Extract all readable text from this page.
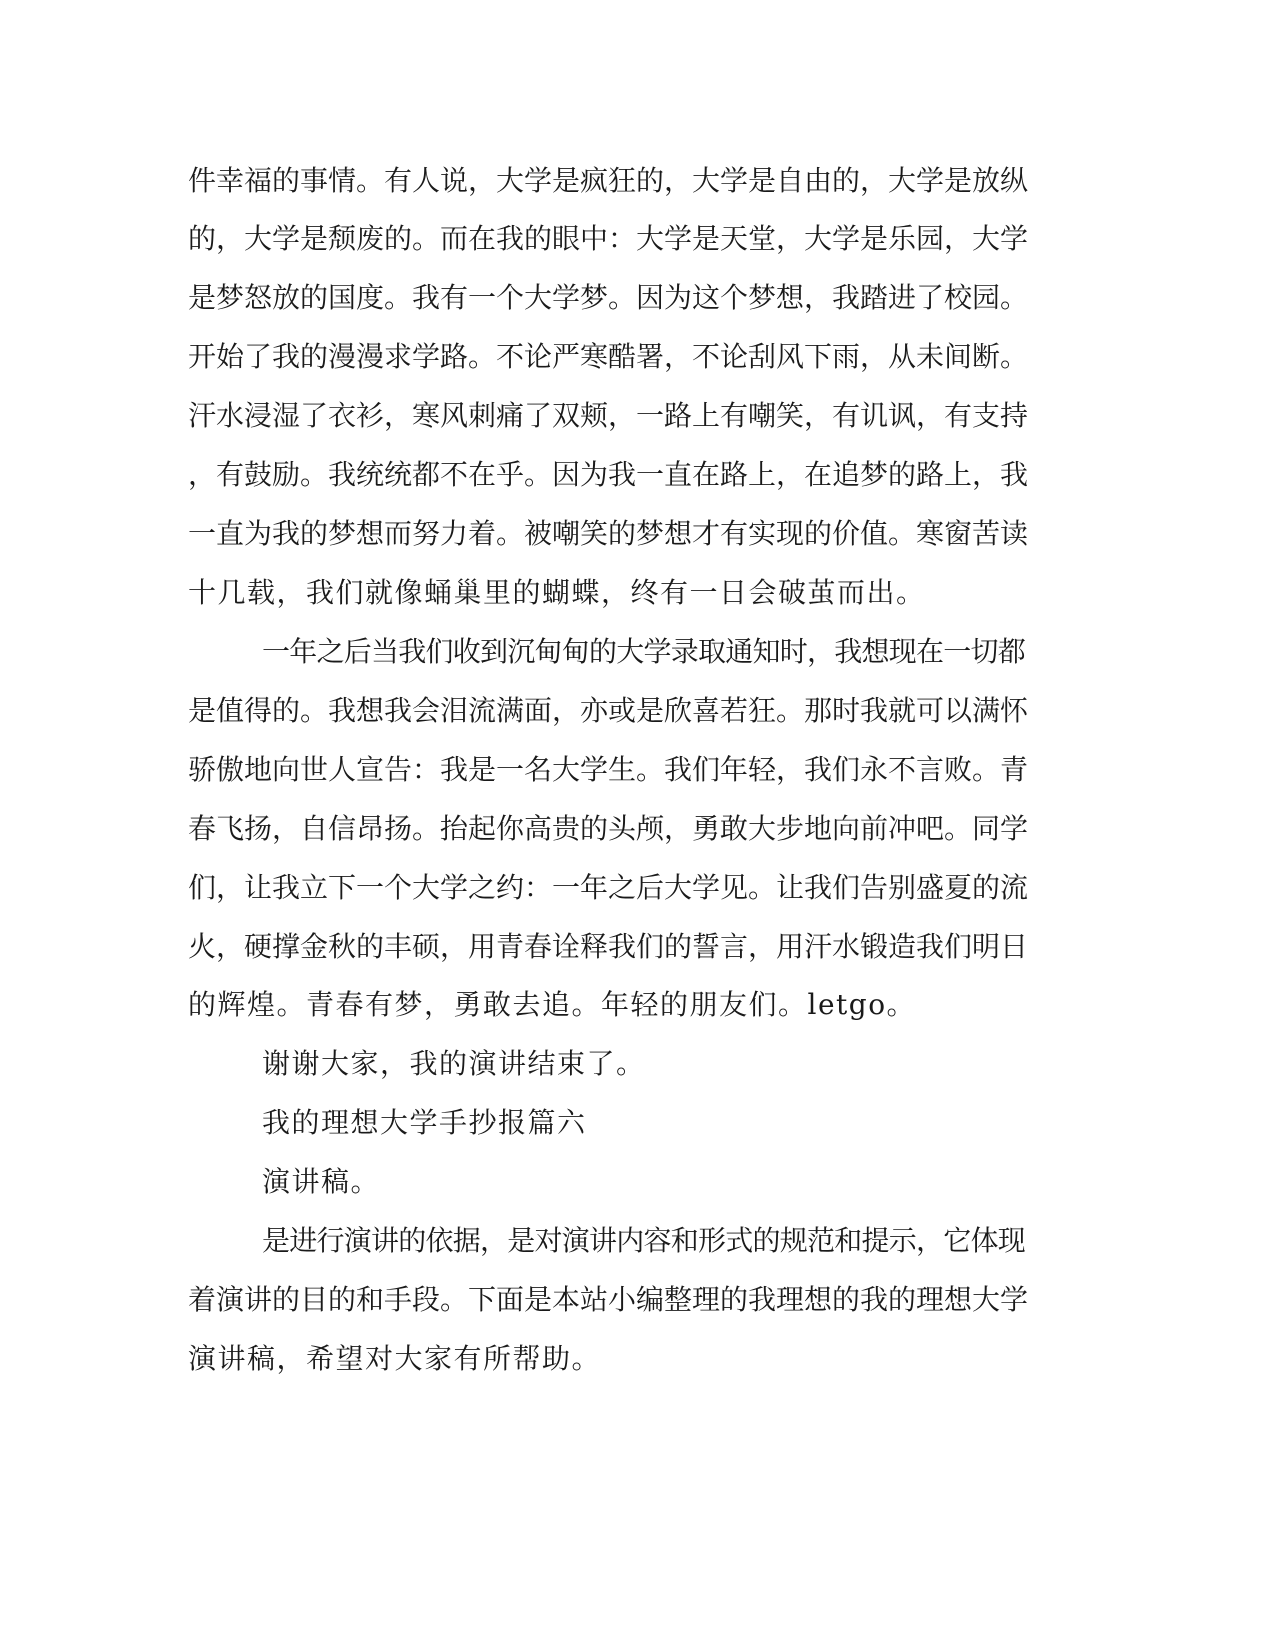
件幸福的事情。有人说，大学是疯狂的，大学是自由的，大学是放纵
的，大学是颓废的。而在我的眼中：大学是天堂，大学是乐园，大学
是梦怒放的国度。我有一个大学梦。因为这个梦想，我踏进了校园。
开始了我的漫漫求学路。不论严寒酷署，不论刮风下雨，从未间断。
汗水浸湿了衣衫，寒风刺痛了双颊，一路上有嘲笑，有讥讽，有支持
，有鼓励。我统统都不在乎。因为我一直在路上，在追梦的路上，我
一直为我的梦想而努力着。被嘲笑的梦想才有实现的价值。寒窗苦读
十几载，我们就像蛹巢里的蝴蝶，终有一日会破茧而出。
一年之后当我们收到沉甸甸的大学录取通知时，我想现在一切都
是值得的。我想我会泪流满面，亦或是欣喜若狂。那时我就可以满怀
骄傲地向世人宣告：我是一名大学生。我们年轻，我们永不言败。青
春飞扬，自信昂扬。抬起你高贵的头颅，勇敢大步地向前冲吧。同学
们，让我立下一个大学之约：一年之后大学见。让我们告别盛夏的流
火，硬撑金秋的丰硕，用青春诠释我们的誓言，用汗水锻造我们明日
的辉煌。青春有梦，勇敢去追。年轻的朋友们。letgo。
谢谢大家，我的演讲结束了。
我的理想大学手抄报篇六
演讲稿。
是进行演讲的依据，是对演讲内容和形式的规范和提示，它体现
着演讲的目的和手段。下面是本站小编整理的我理想的我的理想大学
演讲稿，希望对大家有所帮助。
